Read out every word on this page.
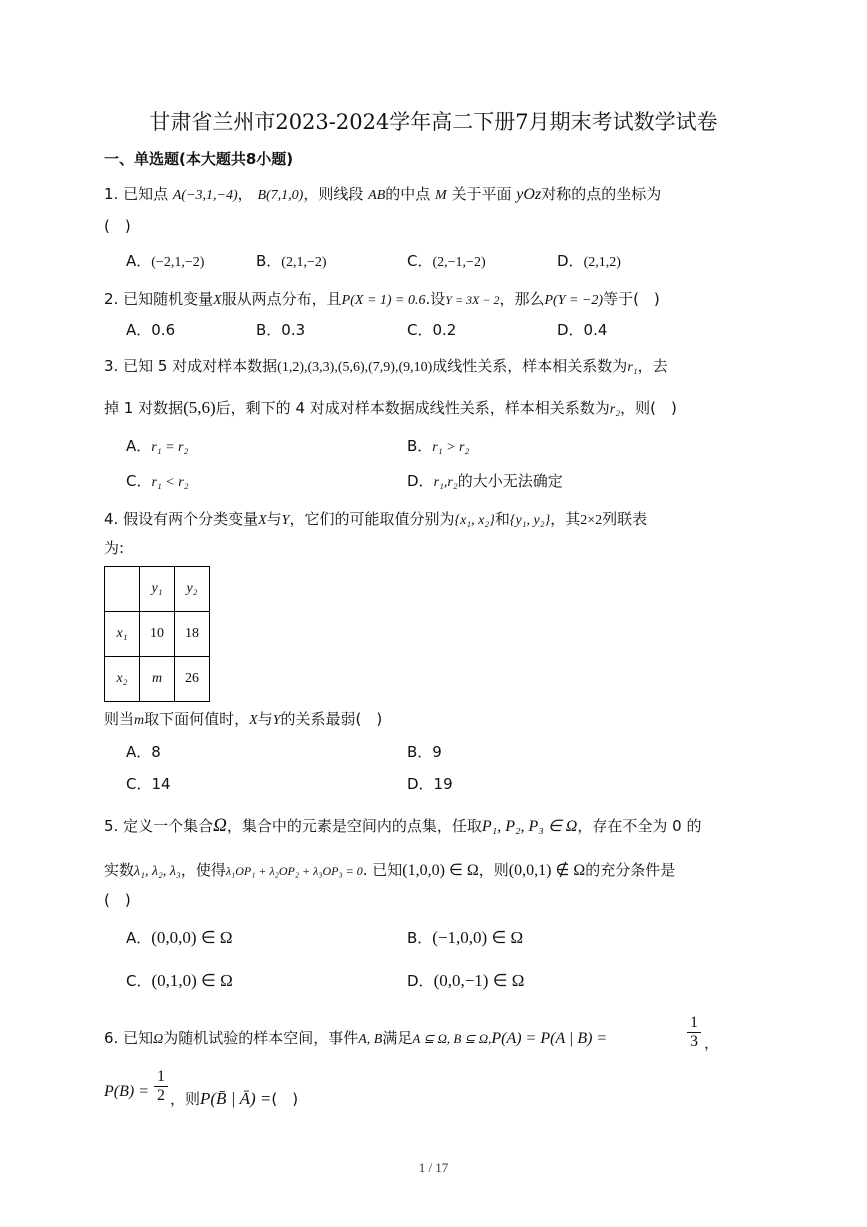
甘肃省兰州市2023-2024学年高二下册7月期末考试数学试卷
一、单选题(本大题共8小题)
1. 已知点 A(−3,1,−4)， B(7,1,0)，则线段 AB的中点 M 关于平面 yOz对称的点的坐标为
(　)
A．(−2,1,−2)	B．(2,1,−2)	C．(2,−1,−2)	D．(2,1,2)
2. 已知随机变量X服从两点分布，且P(X = 1) = 0.6.设Y = 3X − 2，那么P(Y = −2)等于(　)
A．0.6	B．0.3	C．0.2	D．0.4
3. 已知 5 对成对样本数据(1,2),(3,3),(5,6),(7,9),(9,10)成线性关系，样本相关系数为r₁，去
掉 1 对数据(5,6)后，剩下的 4 对成对样本数据成线性关系，样本相关系数为r₂，则(　)
A．r₁ = r₂	B．r₁ > r₂
C．r₁ < r₂	D．r₁,r₂的大小无法确定
4. 假设有两个分类变量X与Y，它们的可能取值分别为{x₁, x₂}和{y₁, y₂}，其2×2列联表
为:
	y₁	y₂
x₁	10	18
x₂	m	26
则当m取下面何值时，X与Y的关系最弱(　)
A．8	B．9
C．14	D．19
5. 定义一个集合Ω，集合中的元素是空间内的点集，任取P₁, P₂, P₃ ∈ Ω，存在不全为 0 的
实数λ₁, λ₂, λ₃，使得λ₁OP₁ + λ₂OP₂ + λ₃OP₃ = 0. 已知(1,0,0) ∈ Ω，则(0,0,1) ∉ Ω的充分条件是
(　)
A．(0,0,0) ∈ Ω	B．(−1,0,0) ∈ Ω
C．(0,1,0) ∈ Ω	D．(0,0,−1) ∈ Ω
6. 已知Ω为随机试验的样本空间，事件A, B满足A ⊆ Ω, B ⊆ Ω,P(A) = P(A | B) =	$\frac{1}{3}$ ，
$P(B) = \frac{1}{2}$ ，则P(B̄ | Ā) =(　)
1 / 17
